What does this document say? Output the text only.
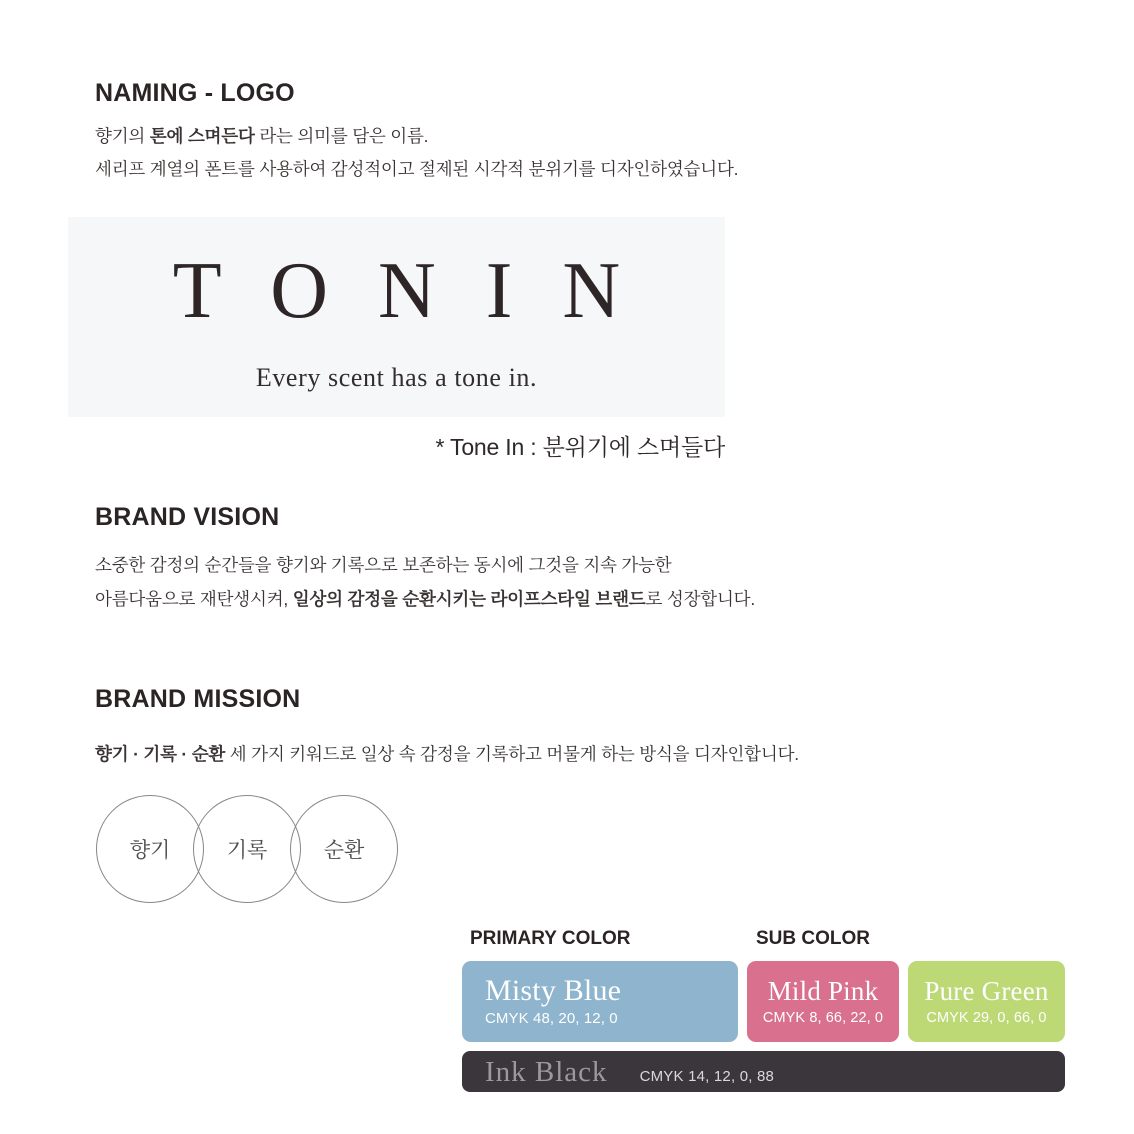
NAMING - LOGO

향기의 톤에 스며든다 라는 의미를 담은 이름.

세리프 계열의 폰트를 사용하여 감성적이고 절제된 시각적 분위기를 디자인하였습니다.

TONIN
Every scent has a tone in.
* Tone In : 분위기에 스며들다
BRAND VISION

소중한 감정의 순간들을 향기와 기록으로 보존하는 동시에 그것을 지속 가능한

아름다움으로 재탄생시켜, 일상의 감정을 순환시키는 라이프스타일 브랜드로 성장합니다.

BRAND MISSION

향기 · 기록 · 순환 세 가지 키워드로 일상 속 감정을 기록하고 머물게 하는 방식을 디자인합니다.

향기	기록	순환
PRIMARY COLOR	SUB COLOR
Misty Blue
CMYK 48, 20, 12, 0
Mild Pink
CMYK 8, 66, 22, 0
Pure Green
CMYK 29, 0, 66, 0
Ink Black CMYK 14, 12, 0, 88
